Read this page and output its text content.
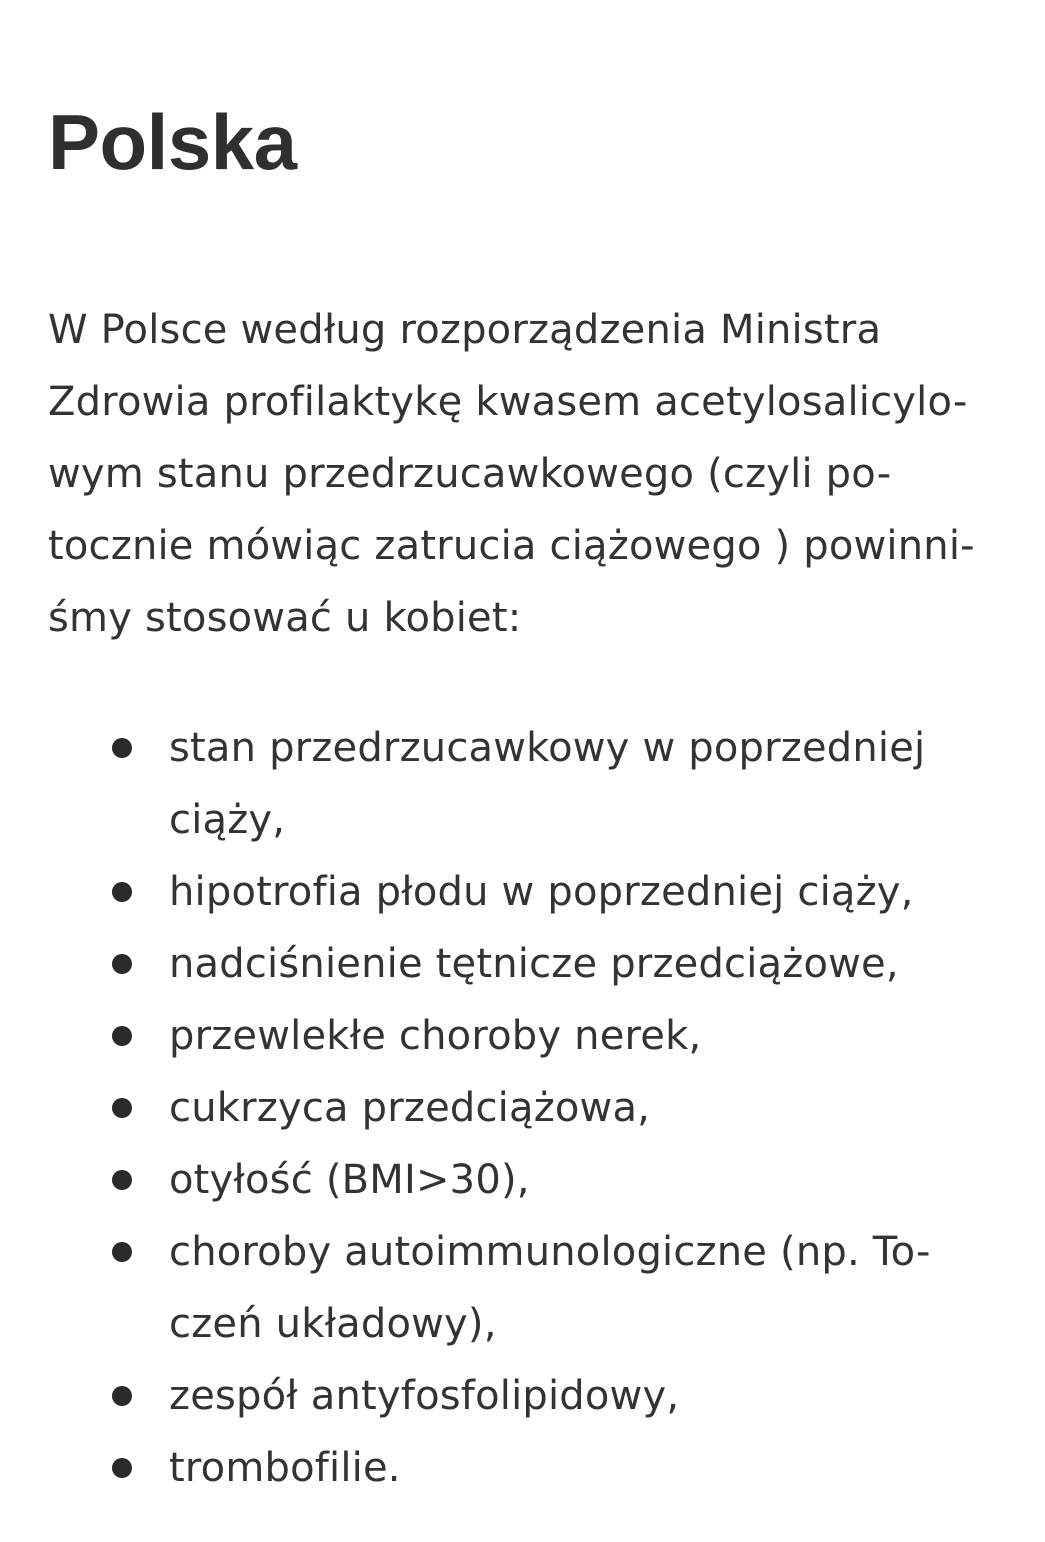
Polska

W Polsce według rozporządzenia Ministra
Zdrowia profilaktykę kwasem acetylosalicylo-
wym stanu przedrzucawkowego (czyli po-
tocznie mówiąc zatrucia ciążowego ) powinni-
śmy stosować u kobiet:

stan przedrzucawkowy w poprzedniej
ciąży,
hipotrofia płodu w poprzedniej ciąży,
nadciśnienie tętnicze przedciążowe,
przewlekłe choroby nerek,
cukrzyca przedciążowa,
otyłość (BMI>30),
choroby autoimmunologiczne (np. To-
czeń układowy),
zespół antyfosfolipidowy,
trombofilie.
